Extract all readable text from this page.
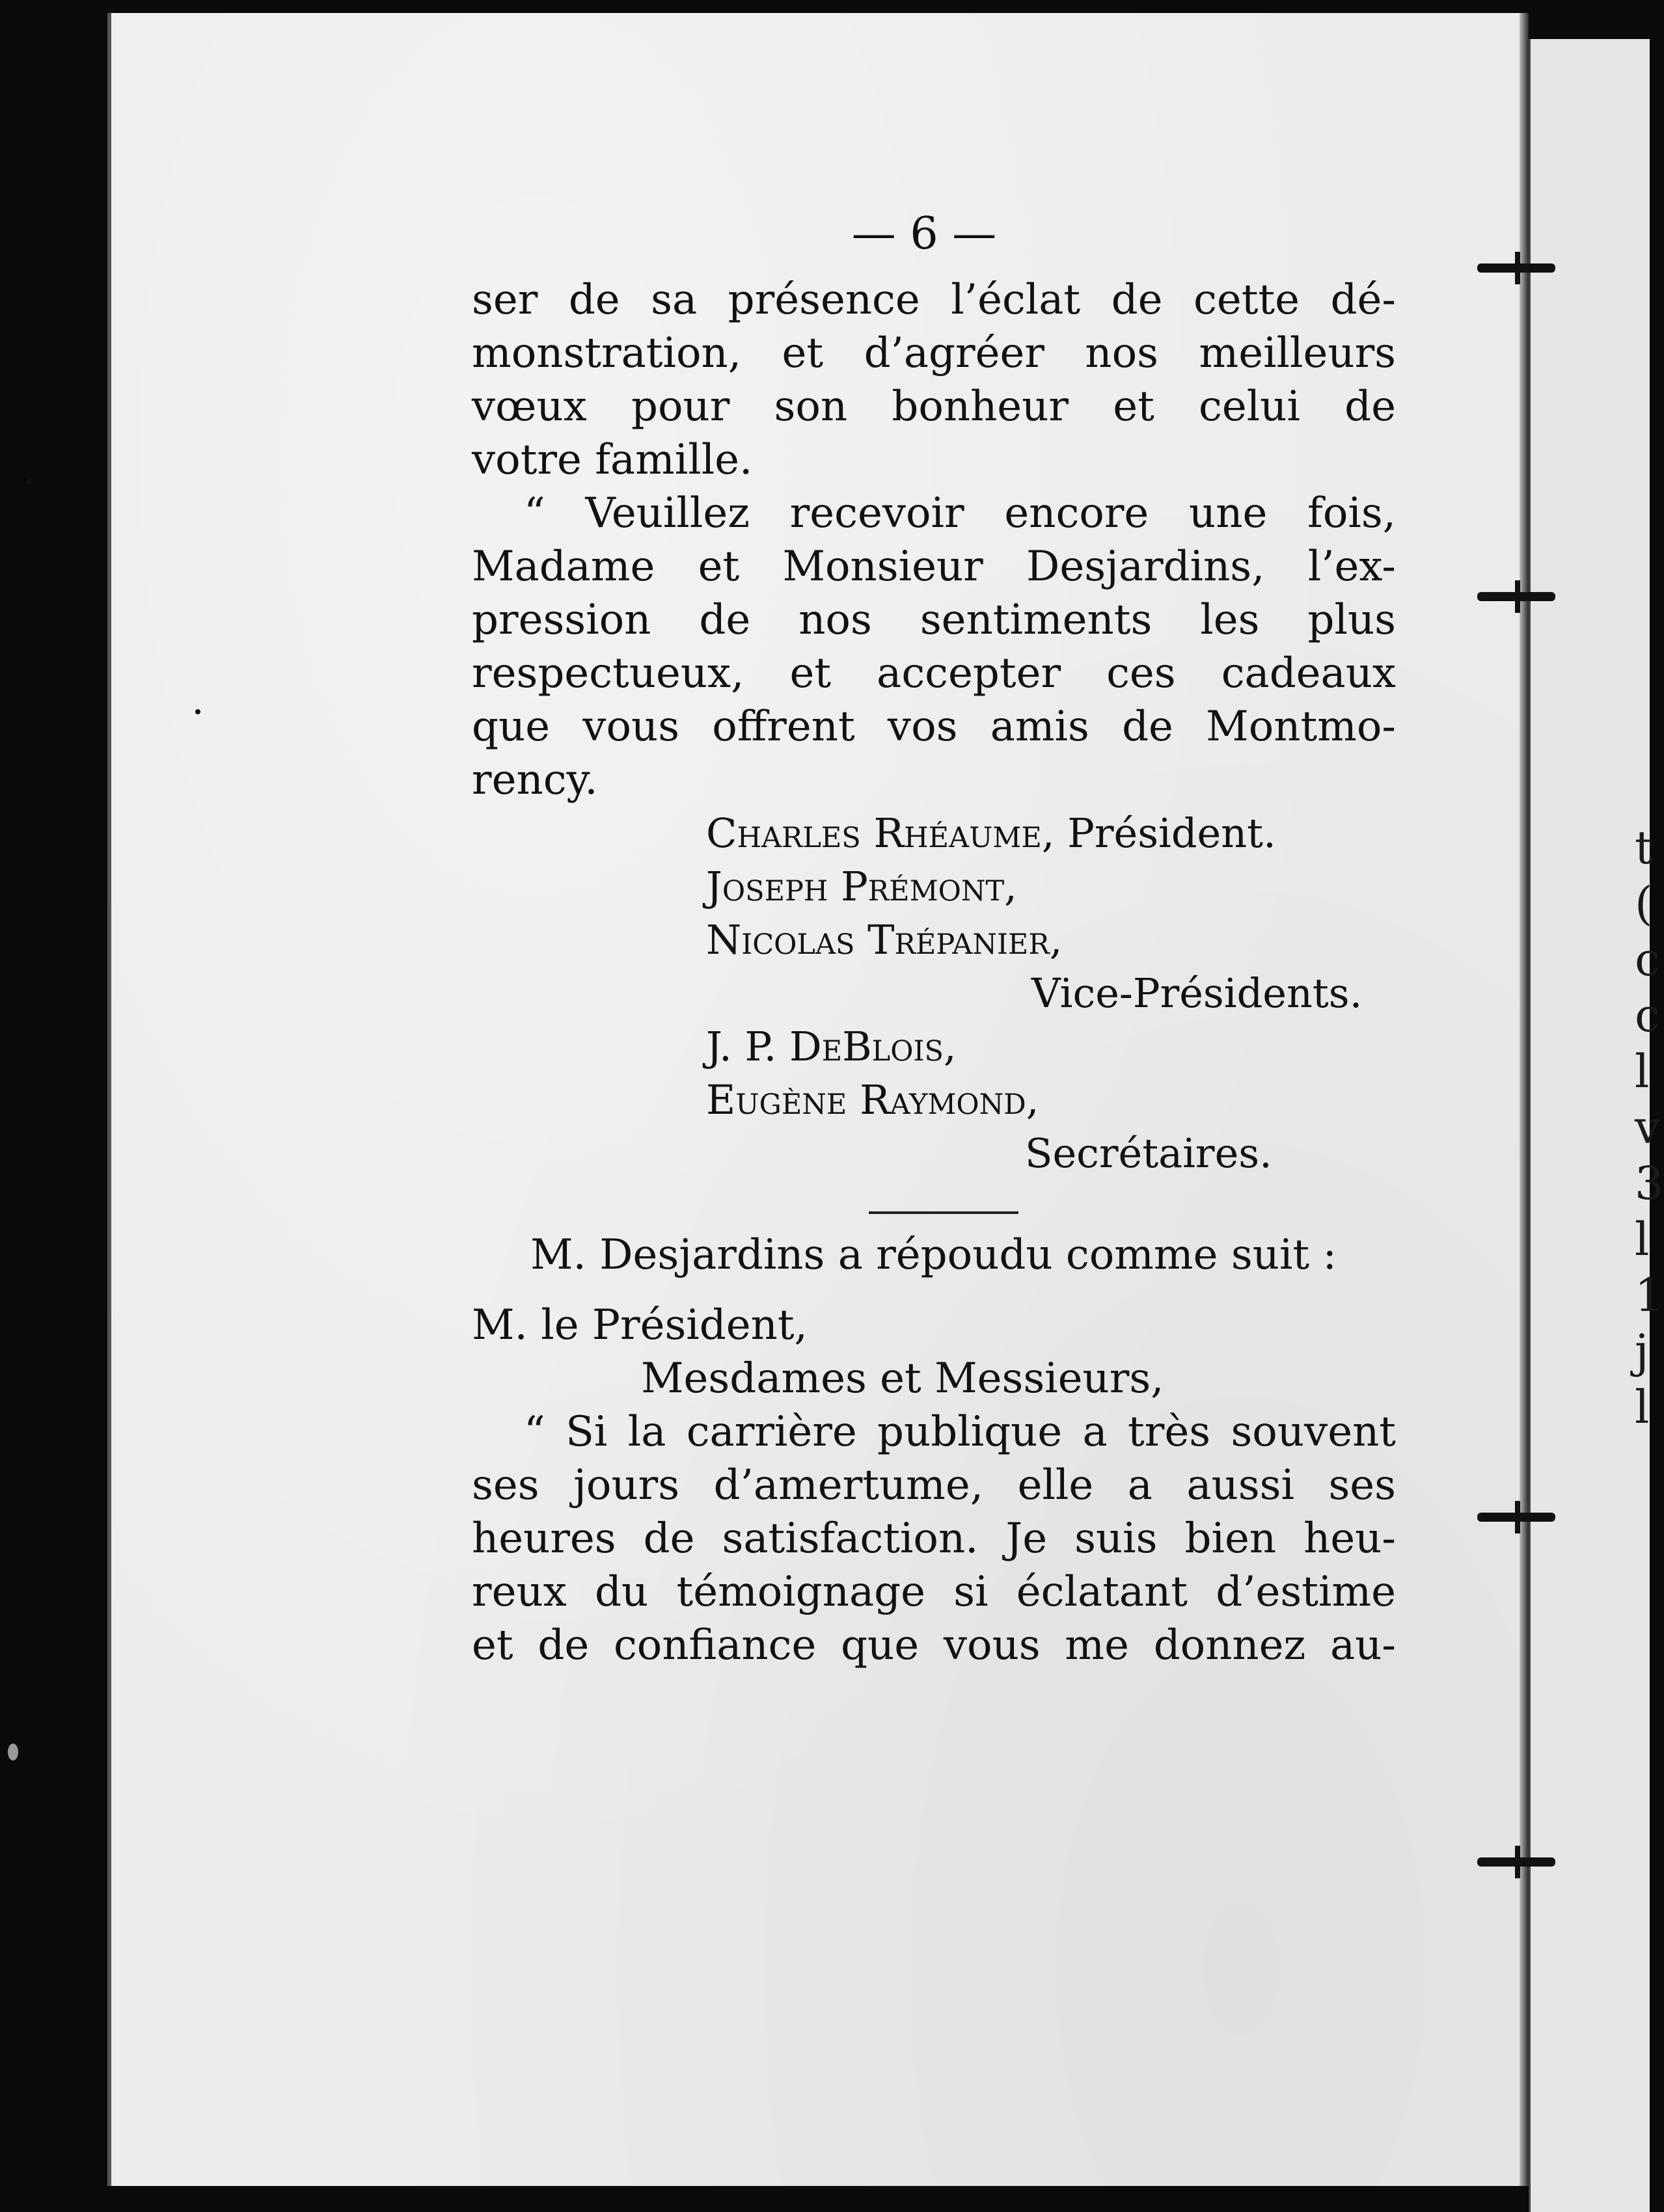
t
(
c
c
l
v
3
l
1
j
l
— 6 —
ser de sa présence l’éclat de cette dé-
monstration, et d’agréer nos meilleurs
vœux pour son bonheur et celui de
votre famille.
“ Veuillez recevoir encore une fois,
Madame et Monsieur Desjardins, l’ex-
pression de nos sentiments les plus
respectueux, et accepter ces cadeaux
que vous offrent vos amis de Montmo-
rency.
Charles Rhéaume, Président.
Joseph Prémont,
Nicolas Trépanier,
Vice-Présidents.
J. P. DeBlois,
Eugène Raymond,
Secrétaires.
M. Desjardins a répoudu comme suit :
M. le Président,
Mesdames et Messieurs,
“ Si la carrière publique a très souvent
ses jours d’amertume, elle a aussi ses
heures de satisfaction. Je suis bien heu-
reux du témoignage si éclatant d’estime
et de confiance que vous me donnez au-
